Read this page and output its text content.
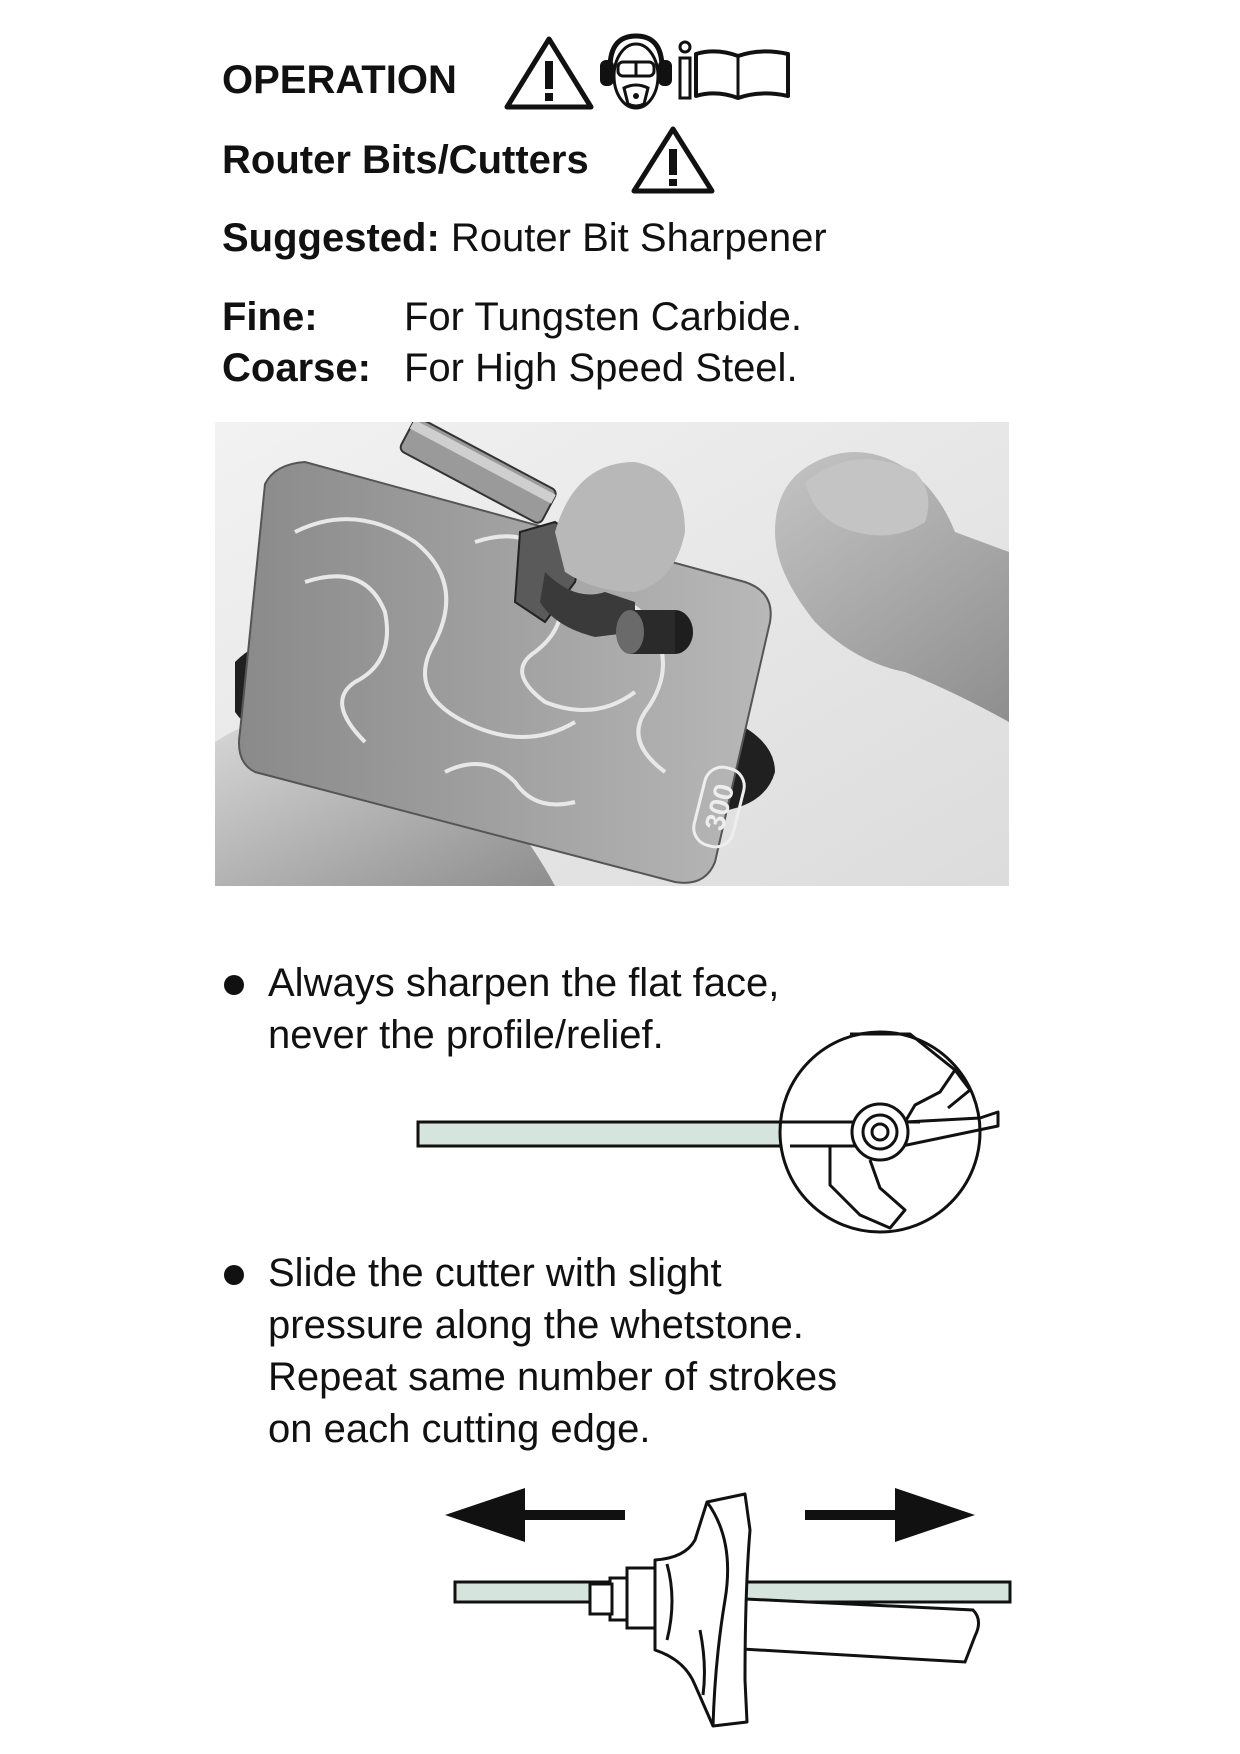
OPERATION
Router Bits/Cutters
Suggested: Router Bit Sharpener
Fine: For Tungsten Carbide.
Coarse: For High Speed Steel.
300
Always sharpen the flat face,
never the profile/relief.
Slide the cutter with slight
pressure along the whetstone.
Repeat same number of strokes
on each cutting edge.
